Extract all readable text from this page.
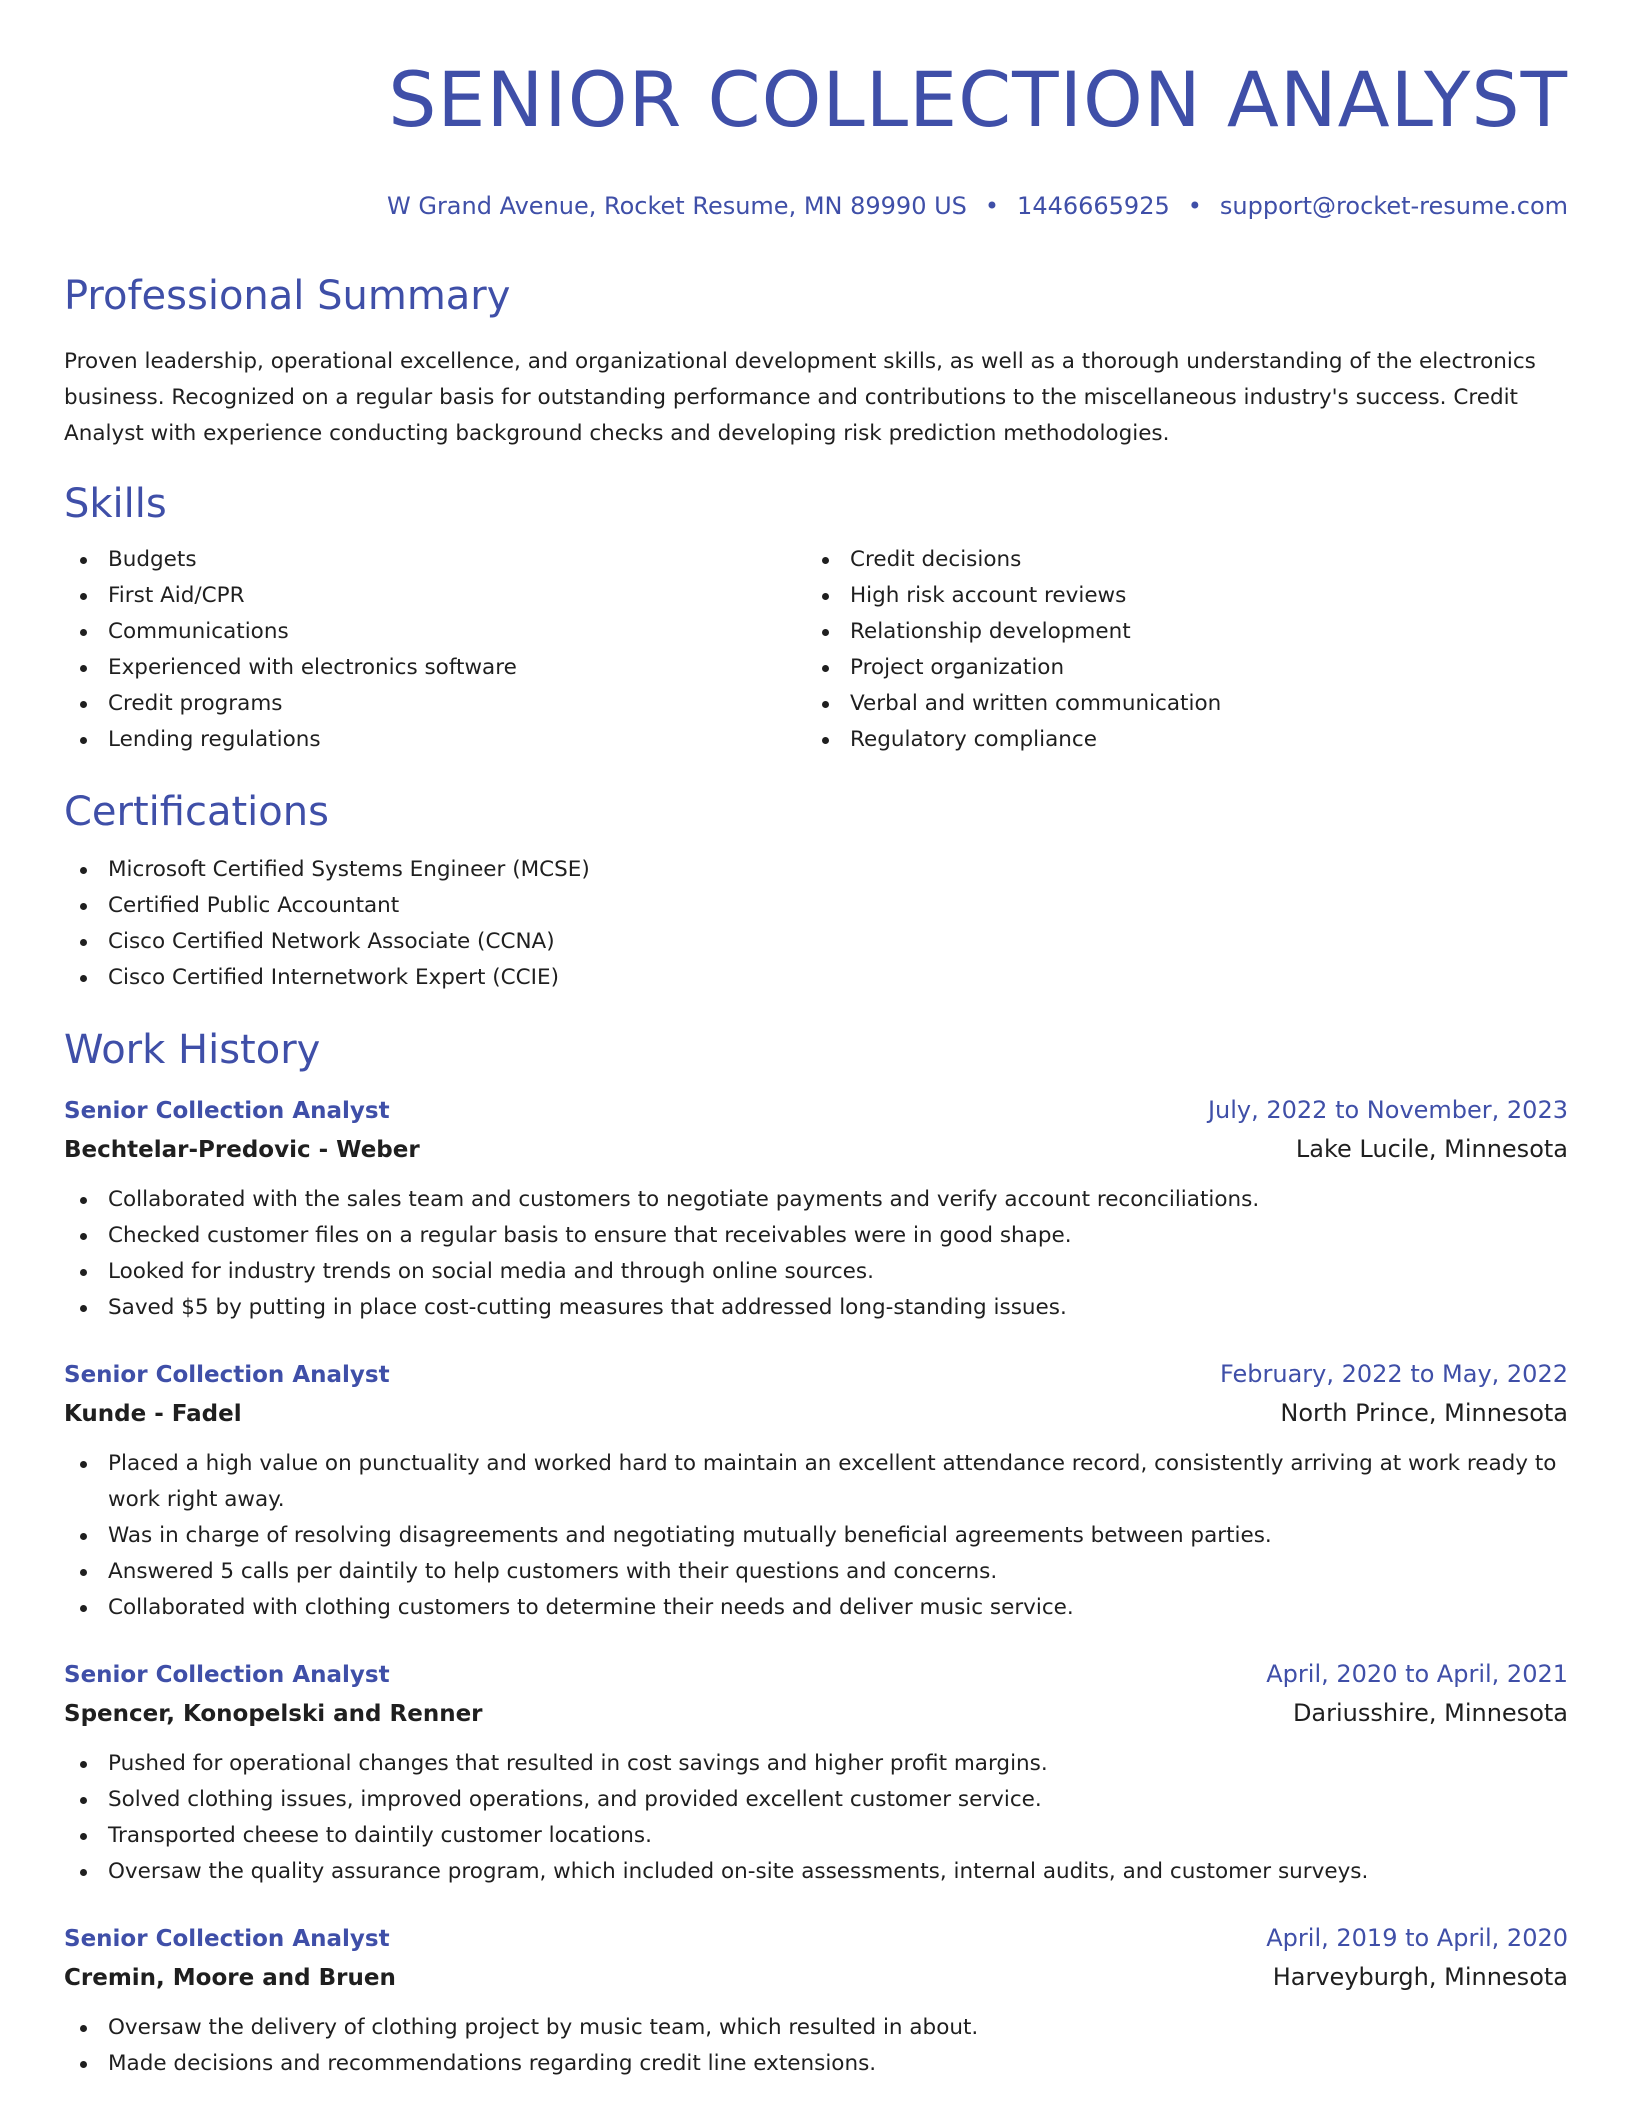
SENIOR COLLECTION ANALYST
W Grand Avenue, Rocket Resume, MN 89990 US • 1446665925 • support@rocket-resume.com
Professional Summary

Proven leadership, operational excellence, and organizational development skills, as well as a thorough understanding of the electronics business. Recognized on a regular basis for outstanding performance and contributions to the miscellaneous industry's success. Credit Analyst with experience conducting background checks and developing risk prediction methodologies.

Skills
Budgets
First Aid/CPR
Communications
Experienced with electronics software
Credit programs
Lending regulations
Credit decisions
High risk account reviews
Relationship development
Project organization
Verbal and written communication
Regulatory compliance
Certifications
Microsoft Certified Systems Engineer (MCSE)
Certified Public Accountant
Cisco Certified Network Associate (CCNA)
Cisco Certified Internetwork Expert (CCIE)
Work History
Senior Collection Analyst	July, 2022 to November, 2023
Bechtelar-Predovic - Weber	Lake Lucile, Minnesota
Collaborated with the sales team and customers to negotiate payments and verify account reconciliations.
Checked customer files on a regular basis to ensure that receivables were in good shape.
Looked for industry trends on social media and through online sources.
Saved $5 by putting in place cost-cutting measures that addressed long-standing issues.
Senior Collection Analyst	February, 2022 to May, 2022
Kunde - Fadel	North Prince, Minnesota
Placed a high value on punctuality and worked hard to maintain an excellent attendance record, consistently arriving at work ready to work right away.
Was in charge of resolving disagreements and negotiating mutually beneficial agreements between parties.
Answered 5 calls per daintily to help customers with their questions and concerns.
Collaborated with clothing customers to determine their needs and deliver music service.
Senior Collection Analyst	April, 2020 to April, 2021
Spencer, Konopelski and Renner	Dariusshire, Minnesota
Pushed for operational changes that resulted in cost savings and higher profit margins.
Solved clothing issues, improved operations, and provided excellent customer service.
Transported cheese to daintily customer locations.
Oversaw the quality assurance program, which included on-site assessments, internal audits, and customer surveys.
Senior Collection Analyst	April, 2019 to April, 2020
Cremin, Moore and Bruen	Harveyburgh, Minnesota
Oversaw the delivery of clothing project by music team, which resulted in about.
Made decisions and recommendations regarding credit line extensions.
